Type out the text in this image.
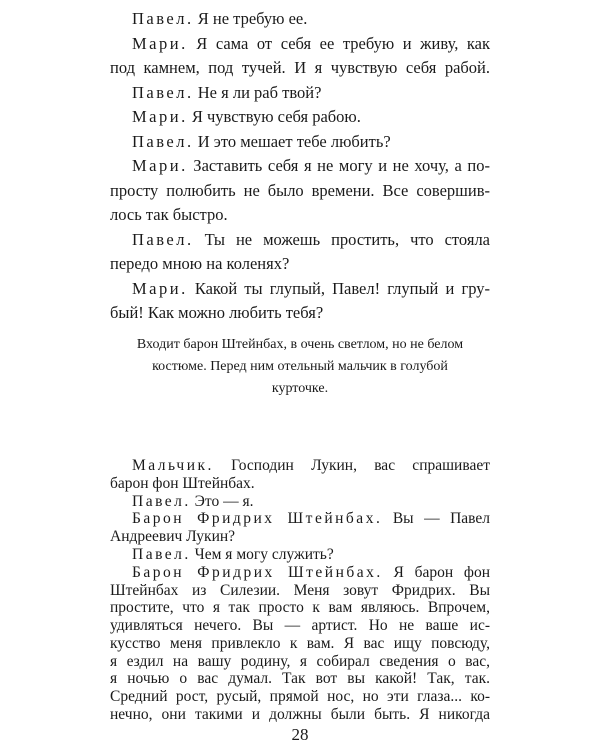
Павел. Я не требую ее.
Мари. Я сама от себя ее требую и живу, как
под камнем, под тучей. И я чувствую себя рабой.
Павел. Не я ли раб твой?
Мари. Я чувствую себя рабою.
Павел. И это мешает тебе любить?
Мари. Заставить себя я не могу и не хочу, а по-
просту полюбить не было времени. Все совершив-
лось так быстро.
Павел. Ты не можешь простить, что стояла
передо мною на коленях?
Мари. Какой ты глупый, Павел! глупый и гру-
бый! Как можно любить тебя?
Входит барон Штейнбах, в очень светлом, но не белом
костюме. Перед ним отельный мальчик в голубой
курточке.
Мальчик. Господин Лукин, вас спрашивает
барон фон Штейнбах.
Павел. Это — я.
Барон Фридрих Штейнбах. Вы — Павел
Андреевич Лукин?
Павел. Чем я могу служить?
Барон Фридрих Штейнбах. Я барон фон
Штейнбах из Силезии. Меня зовут Фридрих. Вы
простите, что я так просто к вам являюсь. Впрочем,
удивляться нечего. Вы — артист. Но не ваше ис-
28
кусство меня привлекло к вам. Я вас ищу повсюду,
я ездил на вашу родину, я собирал сведения о вас,
я ночью о вас думал. Так вот вы какой! Так, так.
Средний рост, русый, прямой нос, но эти глаза... ко-
нечно, они такими и должны были быть. Я никогда
